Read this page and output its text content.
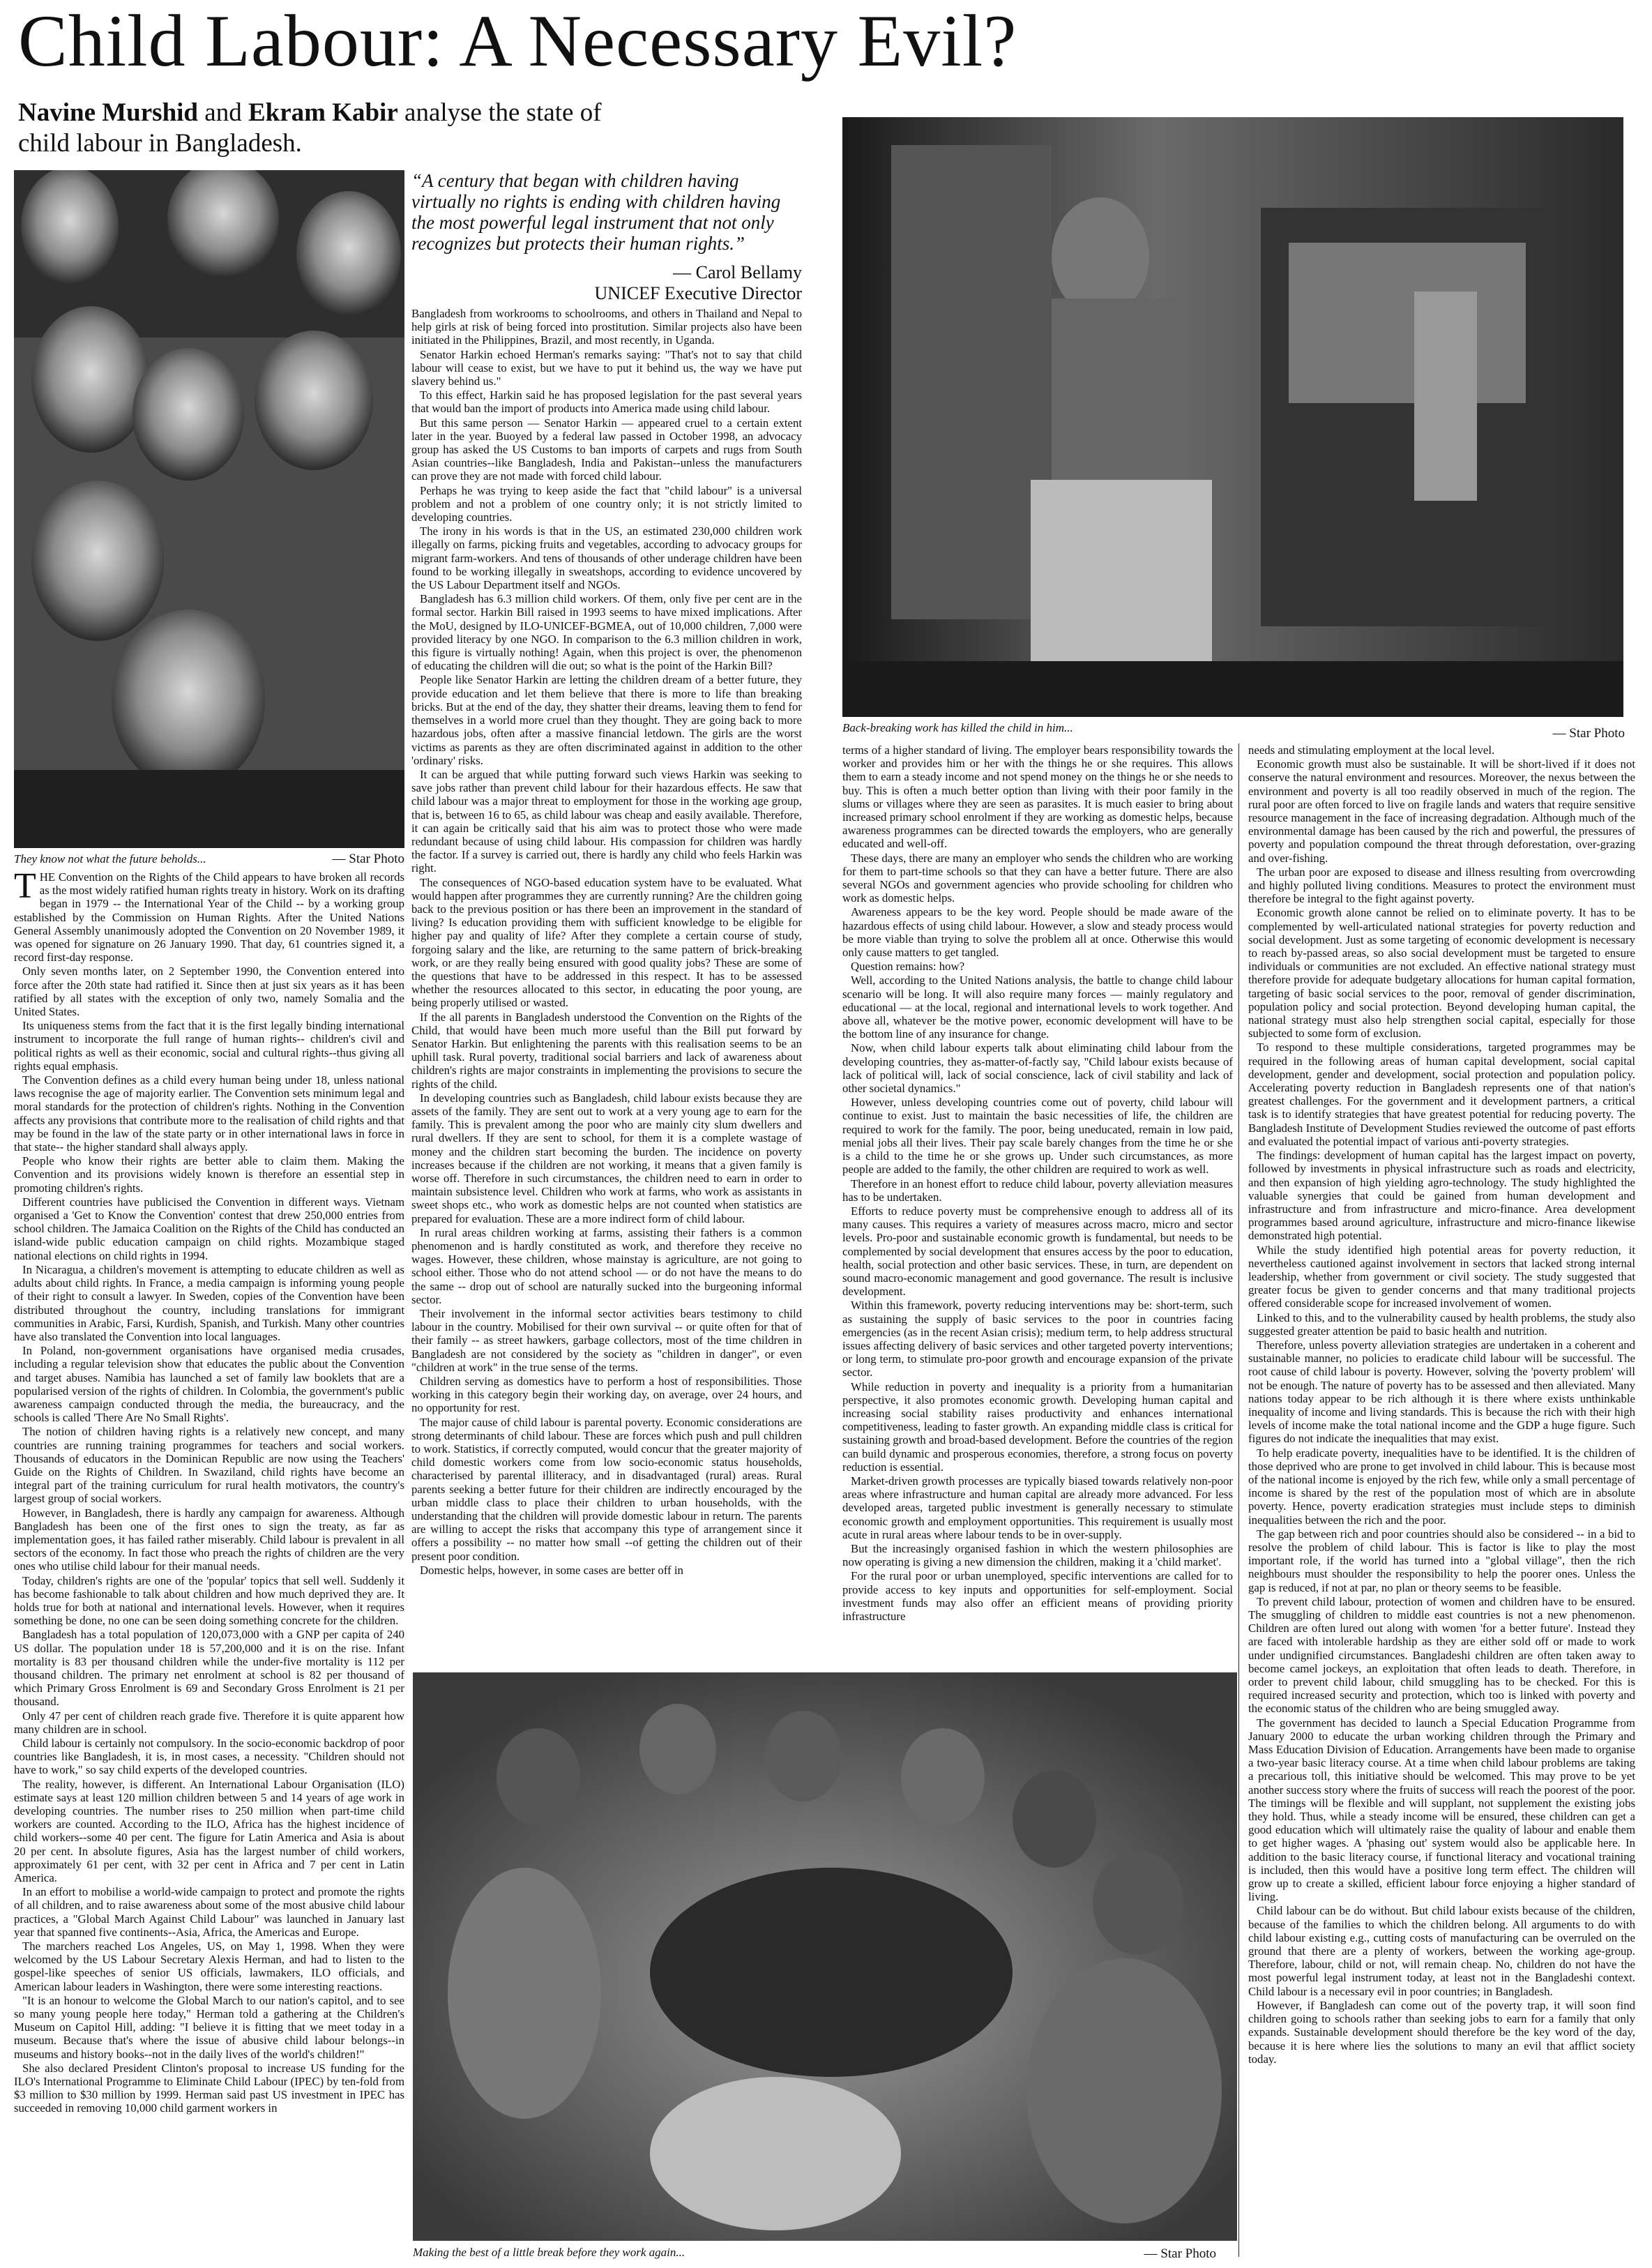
Child Labour: A Necessary Evil?
Navine Murshid and Ekram Kabir analyse the state of
child labour in Bangladesh.
They know not what the future beholds...	— Star Photo
“A century that began with children having virtually no rights is ending with children having the most powerful legal instrument that not only recognizes but protects their human rights.”
— Carol Bellamy
UNICEF Executive Director
Back-breaking work has killed the child in him...	— Star Photo

THE Convention on the Rights of the Child appears to have broken all records as the most widely ratified human rights treaty in history. Work on its drafting began in 1979 -- the International Year of the Child -- by a working group established by the Commission on Human Rights. After the United Nations General Assembly unanimously adopted the Convention on 20 November 1989, it was opened for signature on 26 January 1990. That day, 61 countries signed it, a record first-day response.

Only seven months later, on 2 September 1990, the Convention entered into force after the 20th state had ratified it. Since then at just six years as it has been ratified by all states with the exception of only two, namely Somalia and the United States.

Its uniqueness stems from the fact that it is the first legally binding international instrument to incorporate the full range of human rights-- children's civil and political rights as well as their economic, social and cultural rights--thus giving all rights equal emphasis.

The Convention defines as a child every human being under 18, unless national laws recognise the age of majority earlier. The Convention sets minimum legal and moral standards for the protection of children's rights. Nothing in the Convention affects any provisions that contribute more to the realisation of child rights and that may be found in the law of the state party or in other international laws in force in that state-- the higher standard shall always apply.

People who know their rights are better able to claim them. Making the Convention and its provisions widely known is therefore an essential step in promoting children's rights.

Different countries have publicised the Convention in different ways. Vietnam organised a 'Get to Know the Convention' contest that drew 250,000 entries from school children. The Jamaica Coalition on the Rights of the Child has conducted an island-wide public education campaign on child rights. Mozambique staged national elections on child rights in 1994.

In Nicaragua, a children's movement is attempting to educate children as well as adults about child rights. In France, a media campaign is informing young people of their right to consult a lawyer. In Sweden, copies of the Convention have been distributed throughout the country, including translations for immigrant communities in Arabic, Farsi, Kurdish, Spanish, and Turkish. Many other countries have also translated the Convention into local languages.

In Poland, non-government organisations have organised media crusades, including a regular television show that educates the public about the Convention and target abuses. Namibia has launched a set of family law booklets that are a popularised version of the rights of children. In Colombia, the government's public awareness campaign conducted through the media, the bureaucracy, and the schools is called 'There Are No Small Rights'.

The notion of children having rights is a relatively new concept, and many countries are running training programmes for teachers and social workers. Thousands of educators in the Dominican Republic are now using the Teachers' Guide on the Rights of Children. In Swaziland, child rights have become an integral part of the training curriculum for rural health motivators, the country's largest group of social workers.

However, in Bangladesh, there is hardly any campaign for awareness. Although Bangladesh has been one of the first ones to sign the treaty, as far as implementation goes, it has failed rather miserably. Child labour is prevalent in all sectors of the economy. In fact those who preach the rights of children are the very ones who utilise child labour for their manual needs.

Today, children's rights are one of the 'popular' topics that sell well. Suddenly it has become fashionable to talk about children and how much deprived they are. It holds true for both at national and international levels. However, when it requires something be done, no one can be seen doing something concrete for the children.

Bangladesh has a total population of 120,073,000 with a GNP per capita of 240 US dollar. The population under 18 is 57,200,000 and it is on the rise. Infant mortality is 83 per thousand children while the under-five mortality is 112 per thousand children. The primary net enrolment at school is 82 per thousand of which Primary Gross Enrolment is 69 and Secondary Gross Enrolment is 21 per thousand.

Only 47 per cent of children reach grade five. Therefore it is quite apparent how many children are in school.

Child labour is certainly not compulsory. In the socio-economic backdrop of poor countries like Bangladesh, it is, in most cases, a necessity. "Children should not have to work," so say child experts of the developed countries.

The reality, however, is different. An International Labour Organisation (ILO) estimate says at least 120 million children between 5 and 14 years of age work in developing countries. The number rises to 250 million when part-time child workers are counted. According to the ILO, Africa has the highest incidence of child workers--some 40 per cent. The figure for Latin America and Asia is about 20 per cent. In absolute figures, Asia has the largest number of child workers, approximately 61 per cent, with 32 per cent in Africa and 7 per cent in Latin America.

In an effort to mobilise a world-wide campaign to protect and promote the rights of all children, and to raise awareness about some of the most abusive child labour practices, a "Global March Against Child Labour" was launched in January last year that spanned five continents--Asia, Africa, the Americas and Europe.

The marchers reached Los Angeles, US, on May 1, 1998. When they were welcomed by the US Labour Secretary Alexis Herman, and had to listen to the gospel-like speeches of senior US officials, lawmakers, ILO officials, and American labour leaders in Washington, there were some interesting reactions.

"It is an honour to welcome the Global March to our nation's capitol, and to see so many young people here today," Herman told a gathering at the Children's Museum on Capitol Hill, adding: "I believe it is fitting that we meet today in a museum. Because that's where the issue of abusive child labour belongs--in museums and history books--not in the daily lives of the world's children!"

She also declared President Clinton's proposal to increase US funding for the ILO's International Programme to Eliminate Child Labour (IPEC) by ten-fold from $3 million to $30 million by 1999. Herman said past US investment in IPEC has succeeded in removing 10,000 child garment workers in

Bangladesh from workrooms to schoolrooms, and others in Thailand and Nepal to help girls at risk of being forced into prostitution. Similar projects also have been initiated in the Philippines, Brazil, and most recently, in Uganda.

Senator Harkin echoed Herman's remarks saying: "That's not to say that child labour will cease to exist, but we have to put it behind us, the way we have put slavery behind us."

To this effect, Harkin said he has proposed legislation for the past several years that would ban the import of products into America made using child labour.

But this same person — Senator Harkin — appeared cruel to a certain extent later in the year. Buoyed by a federal law passed in October 1998, an advocacy group has asked the US Customs to ban imports of carpets and rugs from South Asian countries--like Bangladesh, India and Pakistan--unless the manufacturers can prove they are not made with forced child labour.

Perhaps he was trying to keep aside the fact that "child labour" is a universal problem and not a problem of one country only; it is not strictly limited to developing countries.

The irony in his words is that in the US, an estimated 230,000 children work illegally on farms, picking fruits and vegetables, according to advocacy groups for migrant farm-workers. And tens of thousands of other underage children have been found to be working illegally in sweatshops, according to evidence uncovered by the US Labour Department itself and NGOs.

Bangladesh has 6.3 million child workers. Of them, only five per cent are in the formal sector. Harkin Bill raised in 1993 seems to have mixed implications. After the MoU, designed by ILO-UNICEF-BGMEA, out of 10,000 children, 7,000 were provided literacy by one NGO. In comparison to the 6.3 million children in work, this figure is virtually nothing! Again, when this project is over, the phenomenon of educating the children will die out; so what is the point of the Harkin Bill?

People like Senator Harkin are letting the children dream of a better future, they provide education and let them believe that there is more to life than breaking bricks. But at the end of the day, they shatter their dreams, leaving them to fend for themselves in a world more cruel than they thought. They are going back to more hazardous jobs, often after a massive financial letdown. The girls are the worst victims as parents as they are often discriminated against in addition to the other 'ordinary' risks.

It can be argued that while putting forward such views Harkin was seeking to save jobs rather than prevent child labour for their hazardous effects. He saw that child labour was a major threat to employment for those in the working age group, that is, between 16 to 65, as child labour was cheap and easily available. Therefore, it can again be critically said that his aim was to protect those who were made redundant because of using child labour. His compassion for children was hardly the factor. If a survey is carried out, there is hardly any child who feels Harkin was right.

The consequences of NGO-based education system have to be evaluated. What would happen after programmes they are currently running? Are the children going back to the previous position or has there been an improvement in the standard of living? Is education providing them with sufficient knowledge to be eligible for higher pay and quality of life? After they complete a certain course of study, forgoing salary and the like, are returning to the same pattern of brick-breaking work, or are they really being ensured with good quality jobs? These are some of the questions that have to be addressed in this respect. It has to be assessed whether the resources allocated to this sector, in educating the poor young, are being properly utilised or wasted.

If the all parents in Bangladesh understood the Convention on the Rights of the Child, that would have been much more useful than the Bill put forward by Senator Harkin. But enlightening the parents with this realisation seems to be an uphill task. Rural poverty, traditional social barriers and lack of awareness about children's rights are major constraints in implementing the provisions to secure the rights of the child.

In developing countries such as Bangladesh, child labour exists because they are assets of the family. They are sent out to work at a very young age to earn for the family. This is prevalent among the poor who are mainly city slum dwellers and rural dwellers. If they are sent to school, for them it is a complete wastage of money and the children start becoming the burden. The incidence on poverty increases because if the children are not working, it means that a given family is worse off. Therefore in such circumstances, the children need to earn in order to maintain subsistence level. Children who work at farms, who work as assistants in sweet shops etc., who work as domestic helps are not counted when statistics are prepared for evaluation. These are a more indirect form of child labour.

In rural areas children working at farms, assisting their fathers is a common phenomenon and is hardly constituted as work, and therefore they receive no wages. However, these children, whose mainstay is agriculture, are not going to school either. Those who do not attend school — or do not have the means to do the same -- drop out of school are naturally sucked into the burgeoning informal sector.

Their involvement in the informal sector activities bears testimony to child labour in the country. Mobilised for their own survival -- or quite often for that of their family -- as street hawkers, garbage collectors, most of the time children in Bangladesh are not considered by the society as "children in danger", or even "children at work" in the true sense of the terms.

Children serving as domestics have to perform a host of responsibilities. Those working in this category begin their working day, on average, over 24 hours, and no opportunity for rest.

The major cause of child labour is parental poverty. Economic considerations are strong determinants of child labour. These are forces which push and pull children to work. Statistics, if correctly computed, would concur that the greater majority of child domestic workers come from low socio-economic status households, characterised by parental illiteracy, and in disadvantaged (rural) areas. Rural parents seeking a better future for their children are indirectly encouraged by the urban middle class to place their children to urban households, with the understanding that the children will provide domestic labour in return. The parents are willing to accept the risks that accompany this type of arrangement since it offers a possibility -- no matter how small --of getting the children out of their present poor condition.

Domestic helps, however, in some cases are better off in

terms of a higher standard of living. The employer bears responsibility towards the worker and provides him or her with the things he or she requires. This allows them to earn a steady income and not spend money on the things he or she needs to buy. This is often a much better option than living with their poor family in the slums or villages where they are seen as parasites. It is much easier to bring about increased primary school enrolment if they are working as domestic helps, because awareness programmes can be directed towards the employers, who are generally educated and well-off.

These days, there are many an employer who sends the children who are working for them to part-time schools so that they can have a better future. There are also several NGOs and government agencies who provide schooling for children who work as domestic helps.

Awareness appears to be the key word. People should be made aware of the hazardous effects of using child labour. However, a slow and steady process would be more viable than trying to solve the problem all at once. Otherwise this would only cause matters to get tangled.

Question remains: how?

Well, according to the United Nations analysis, the battle to change child labour scenario will be long. It will also require many forces — mainly regulatory and educational — at the local, regional and international levels to work together. And above all, whatever be the motive power, economic development will have to be the bottom line of any insurance for change.

Now, when child labour experts talk about eliminating child labour from the developing countries, they as-matter-of-factly say, "Child labour exists because of lack of political will, lack of social conscience, lack of civil stability and lack of other societal dynamics."

However, unless developing countries come out of poverty, child labour will continue to exist. Just to maintain the basic necessities of life, the children are required to work for the family. The poor, being uneducated, remain in low paid, menial jobs all their lives. Their pay scale barely changes from the time he or she is a child to the time he or she grows up. Under such circumstances, as more people are added to the family, the other children are required to work as well.

Therefore in an honest effort to reduce child labour, poverty alleviation measures has to be undertaken.

Efforts to reduce poverty must be comprehensive enough to address all of its many causes. This requires a variety of measures across macro, micro and sector levels. Pro-poor and sustainable economic growth is fundamental, but needs to be complemented by social development that ensures access by the poor to education, health, social protection and other basic services. These, in turn, are dependent on sound macro-economic management and good governance. The result is inclusive development.

Within this framework, poverty reducing interventions may be: short-term, such as sustaining the supply of basic services to the poor in countries facing emergencies (as in the recent Asian crisis); medium term, to help address structural issues affecting delivery of basic services and other targeted poverty interventions; or long term, to stimulate pro-poor growth and encourage expansion of the private sector.

While reduction in poverty and inequality is a priority from a humanitarian perspective, it also promotes economic growth. Developing human capital and increasing social stability raises productivity and enhances international competitiveness, leading to faster growth. An expanding middle class is critical for sustaining growth and broad-based development. Before the countries of the region can build dynamic and prosperous economies, therefore, a strong focus on poverty reduction is essential.

Market-driven growth processes are typically biased towards relatively non-poor areas where infrastructure and human capital are already more advanced. For less developed areas, targeted public investment is generally necessary to stimulate economic growth and employment opportunities. This requirement is usually most acute in rural areas where labour tends to be in over-supply.

But the increasingly organised fashion in which the western philosophies are now operating is giving a new dimension the children, making it a 'child market'.

For the rural poor or urban unemployed, specific interventions are called for to provide access to key inputs and opportunities for self-employment. Social investment funds may also offer an efficient means of providing priority infrastructure

needs and stimulating employment at the local level.

Economic growth must also be sustainable. It will be short-lived if it does not conserve the natural environment and resources. Moreover, the nexus between the environment and poverty is all too readily observed in much of the region. The rural poor are often forced to live on fragile lands and waters that require sensitive resource management in the face of increasing degradation. Although much of the environmental damage has been caused by the rich and powerful, the pressures of poverty and population compound the threat through deforestation, over-grazing and over-fishing.

The urban poor are exposed to disease and illness resulting from overcrowding and highly polluted living conditions. Measures to protect the environment must therefore be integral to the fight against poverty.

Economic growth alone cannot be relied on to eliminate poverty. It has to be complemented by well-articulated national strategies for poverty reduction and social development. Just as some targeting of economic development is necessary to reach by-passed areas, so also social development must be targeted to ensure individuals or communities are not excluded. An effective national strategy must therefore provide for adequate budgetary allocations for human capital formation, targeting of basic social services to the poor, removal of gender discrimination, population policy and social protection. Beyond developing human capital, the national strategy must also help strengthen social capital, especially for those subjected to some form of exclusion.

To respond to these multiple considerations, targeted programmes may be required in the following areas of human capital development, social capital development, gender and development, social protection and population policy. Accelerating poverty reduction in Bangladesh represents one of that nation's greatest challenges. For the government and it development partners, a critical task is to identify strategies that have greatest potential for reducing poverty. The Bangladesh Institute of Development Studies reviewed the outcome of past efforts and evaluated the potential impact of various anti-poverty strategies.

The findings: development of human capital has the largest impact on poverty, followed by investments in physical infrastructure such as roads and electricity, and then expansion of high yielding agro-technology. The study highlighted the valuable synergies that could be gained from human development and infrastructure and from infrastructure and micro-finance. Area development programmes based around agriculture, infrastructure and micro-finance likewise demonstrated high potential.

While the study identified high potential areas for poverty reduction, it nevertheless cautioned against involvement in sectors that lacked strong internal leadership, whether from government or civil society. The study suggested that greater focus be given to gender concerns and that many traditional projects offered considerable scope for increased involvement of women.

Linked to this, and to the vulnerability caused by health problems, the study also suggested greater attention be paid to basic health and nutrition.

Therefore, unless poverty alleviation strategies are undertaken in a coherent and sustainable manner, no policies to eradicate child labour will be successful. The root cause of child labour is poverty. However, solving the 'poverty problem' will not be enough. The nature of poverty has to be assessed and then alleviated. Many nations today appear to be rich although it is there where exists unthinkable inequality of income and living standards. This is because the rich with their high levels of income make the total national income and the GDP a huge figure. Such figures do not indicate the inequalities that may exist.

To help eradicate poverty, inequalities have to be identified. It is the children of those deprived who are prone to get involved in child labour. This is because most of the national income is enjoyed by the rich few, while only a small percentage of income is shared by the rest of the population most of which are in absolute poverty. Hence, poverty eradication strategies must include steps to diminish inequalities between the rich and the poor.

The gap between rich and poor countries should also be considered -- in a bid to resolve the problem of child labour. This is factor is like to play the most important role, if the world has turned into a "global village", then the rich neighbours must shoulder the responsibility to help the poorer ones. Unless the gap is reduced, if not at par, no plan or theory seems to be feasible.

To prevent child labour, protection of women and children have to be ensured. The smuggling of children to middle east countries is not a new phenomenon. Children are often lured out along with women 'for a better future'. Instead they are faced with intolerable hardship as they are either sold off or made to work under undignified circumstances. Bangladeshi children are often taken away to become camel jockeys, an exploitation that often leads to death. Therefore, in order to prevent child labour, child smuggling has to be checked. For this is required increased security and protection, which too is linked with poverty and the economic status of the children who are being smuggled away.

The government has decided to launch a Special Education Programme from January 2000 to educate the urban working children through the Primary and Mass Education Division of Education. Arrangements have been made to organise a two-year basic literacy course. At a time when child labour problems are taking a precarious toll, this initiative should be welcomed. This may prove to be yet another success story where the fruits of success will reach the poorest of the poor. The timings will be flexible and will supplant, not supplement the existing jobs they hold. Thus, while a steady income will be ensured, these children can get a good education which will ultimately raise the quality of labour and enable them to get higher wages. A 'phasing out' system would also be applicable here. In addition to the basic literacy course, if functional literacy and vocational training is included, then this would have a positive long term effect. The children will grow up to create a skilled, efficient labour force enjoying a higher standard of living.

Child labour can be do without. But child labour exists because of the children, because of the families to which the children belong. All arguments to do with child labour existing e.g., cutting costs of manufacturing can be overruled on the ground that there are a plenty of workers, between the working age-group. Therefore, labour, child or not, will remain cheap. No, children do not have the most powerful legal instrument today, at least not in the Bangladeshi context. Child labour is a necessary evil in poor countries; in Bangladesh.

However, if Bangladesh can come out of the poverty trap, it will soon find children going to schools rather than seeking jobs to earn for a family that only expands. Sustainable development should therefore be the key word of the day, because it is here where lies the solutions to many an evil that afflict society today.

Making the best of a little break before they work again...	— Star Photo
